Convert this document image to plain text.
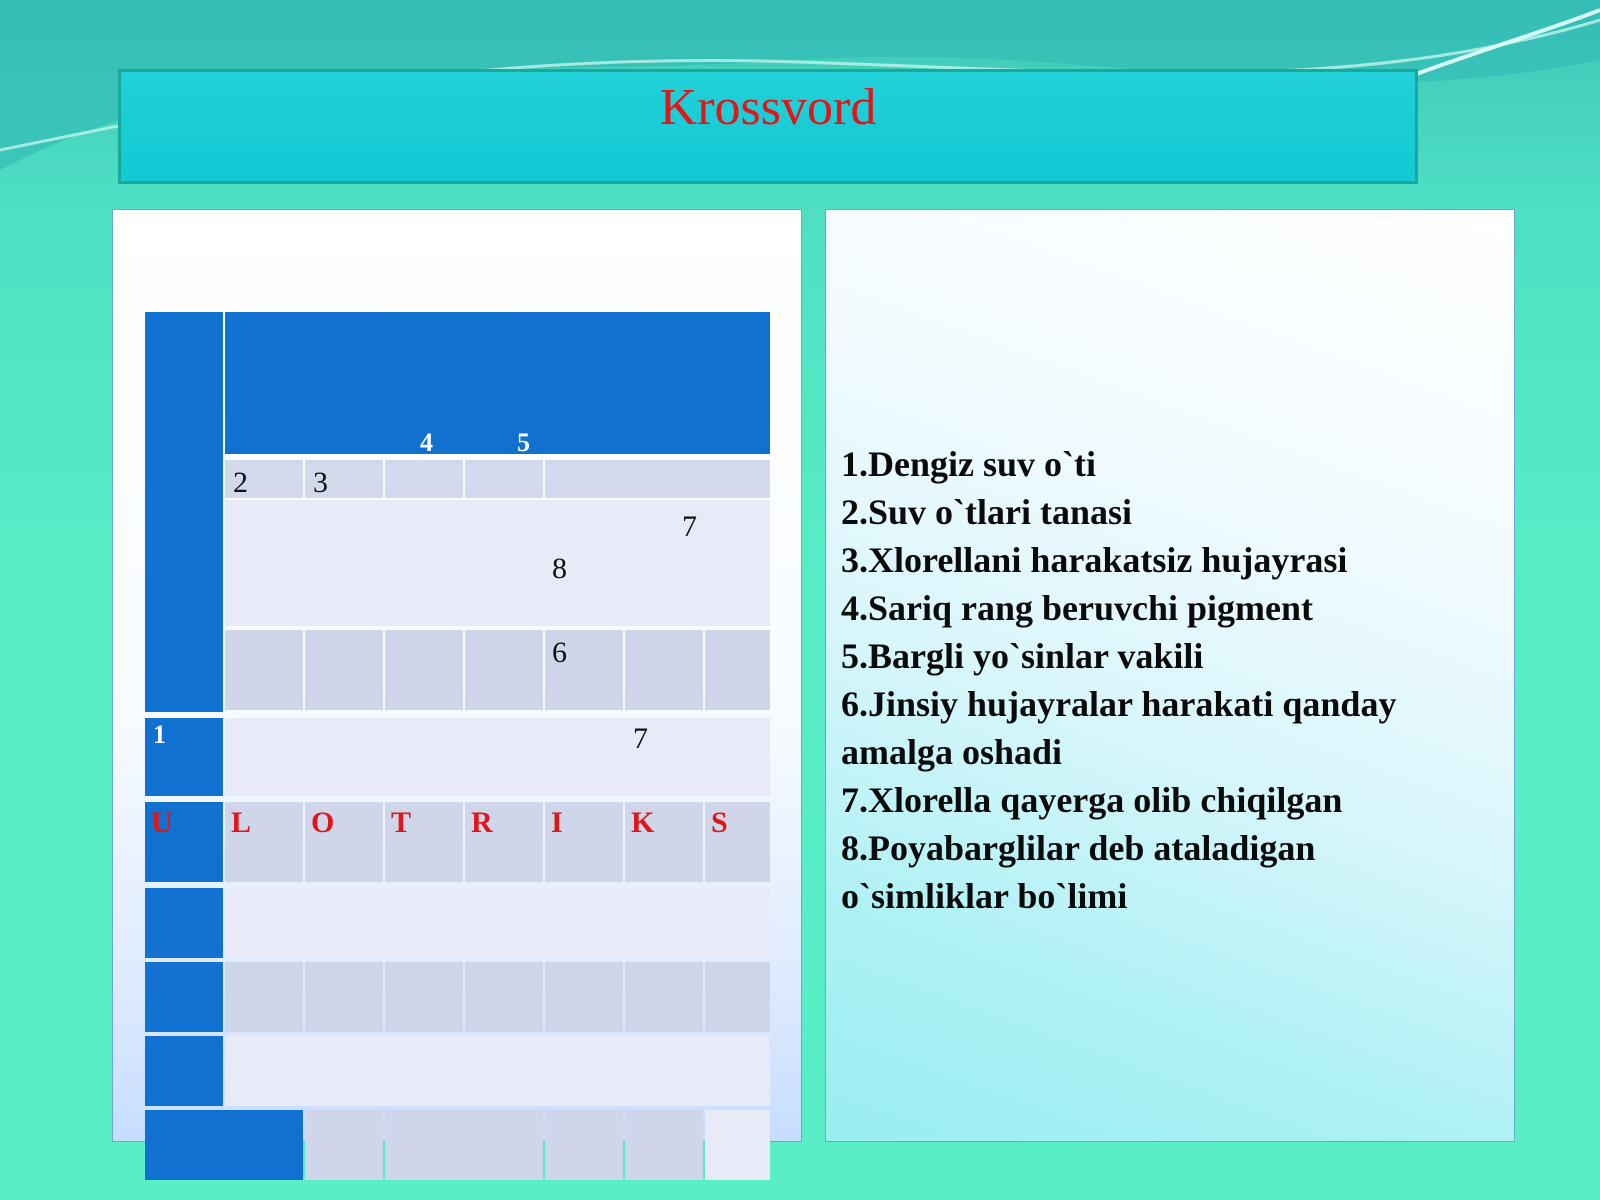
Krossvord
4	5
2 3
7
8
6
1	7
U L O T R I K S
1.Dengiz suv o`ti
2.Suv o`tlari tanasi
3.Xlorellani harakatsiz hujayrasi
4.Sariq rang beruvchi pigment
5.Bargli yo`sinlar vakili
6.Jinsiy hujayralar harakati qanday amalga oshadi
7.Xlorella qayerga olib chiqilgan
8.Poyabarglilar deb ataladigan o`simliklar bo`limi
